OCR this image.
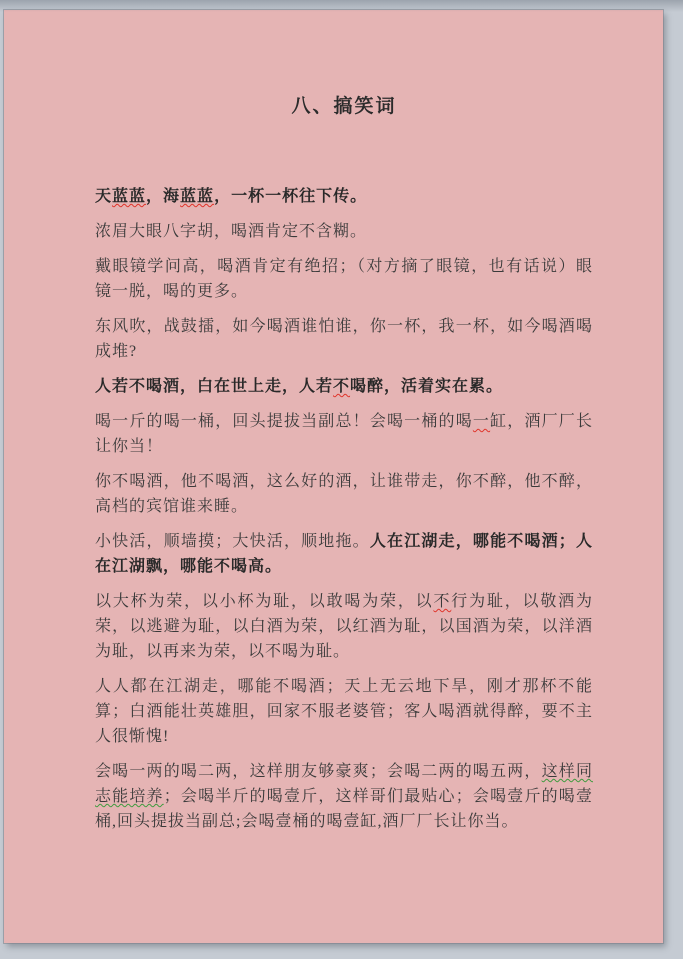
八、搞笑词

天蓝蓝，海蓝蓝，一杯一杯往下传。

浓眉大眼八字胡，喝酒肯定不含糊。

戴眼镜学问高，喝酒肯定有绝招；（对方摘了眼镜，也有话说）眼镜一脱，喝的更多。

东风吹，战鼓擂，如今喝酒谁怕谁，你一杯，我一杯，如今喝酒喝成堆?

人若不喝酒，白在世上走，人若不喝醉，活着实在累。

喝一斤的喝一桶，回头提拔当副总！会喝一桶的喝一缸，酒厂厂长让你当！

你不喝酒，他不喝酒，这么好的酒，让谁带走，你不醉，他不醉，高档的宾馆谁来睡。

小快活，顺墙摸；大快活，顺地拖。人在江湖走，哪能不喝酒；人在江湖飘，哪能不喝高。

以大杯为荣，以小杯为耻，以敢喝为荣，以不行为耻，以敬酒为荣，以逃避为耻，以白酒为荣，以红酒为耻，以国酒为荣，以洋酒为耻，以再来为荣，以不喝为耻。

人人都在江湖走，哪能不喝酒；天上无云地下旱，刚才那杯不能算；白酒能壮英雄胆，回家不服老婆管；客人喝酒就得醉，要不主人很惭愧!

会喝一两的喝二两，这样朋友够豪爽；会喝二两的喝五两，这样同志能培养；会喝半斤的喝壹斤，这样哥们最贴心；会喝壹斤的喝壹桶,回头提拔当副总;会喝壹桶的喝壹缸,酒厂厂长让你当。
